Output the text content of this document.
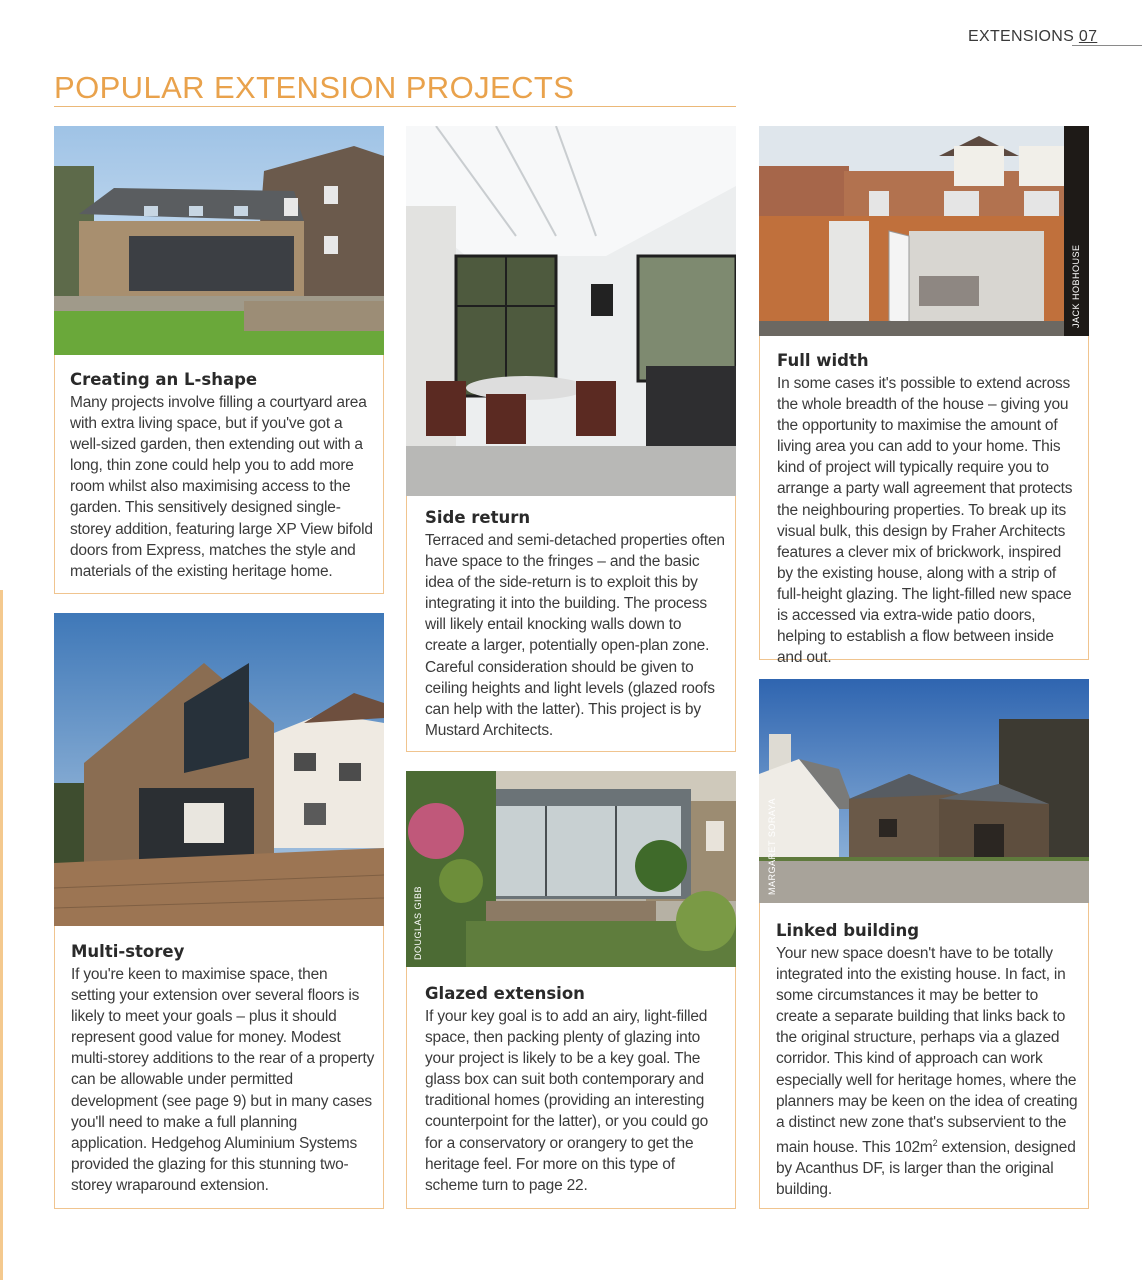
EXTENSIONS 07
POPULAR EXTENSION PROJECTS
Creating an L-shape

Many projects involve filling a courtyard area with extra living space, but if you've got a well-sized garden, then extending out with a long, thin zone could help you to add more room whilst also maximising access to the garden. This sensitively designed single-storey addition, featuring large XP View bifold doors from Express, matches the style and materials of the existing heritage home.

Side return

Terraced and semi-detached properties often have space to the fringes – and the basic idea of the side-return is to exploit this by integrating it into the building. The process will likely entail knocking walls down to create a larger, potentially open-plan zone. Careful consideration should be given to ceiling heights and light levels (glazed roofs can help with the latter). This project is by Mustard Architects.

JACK HOBHOUSE
Full width

In some cases it's possible to extend across the whole breadth of the house – giving you the opportunity to maximise the amount of living area you can add to your home. This kind of project will typically require you to arrange a party wall agreement that protects the neighbouring properties. To break up its visual bulk, this design by Fraher Architects features a clever mix of brickwork, inspired by the existing house, along with a strip of full-height glazing. The light-filled new space is accessed via extra-wide patio doors, helping to establish a flow between inside and out.

Multi-storey

If you're keen to maximise space, then setting your extension over several floors is likely to meet your goals – plus it should represent good value for money. Modest multi-storey additions to the rear of a property can be allowable under permitted development (see page 9) but in many cases you'll need to make a full planning application. Hedgehog Aluminium Systems provided the glazing for this stunning two-storey wraparound extension.

DOUGLAS GIBB
Glazed extension

If your key goal is to add an airy, light-filled space, then packing plenty of glazing into your project is likely to be a key goal. The glass box can suit both contemporary and traditional homes (providing an interesting counterpoint for the latter), or you could go for a conservatory or orangery to get the heritage feel. For more on this type of scheme turn to page 22.

MARGARET SORAYA
Linked building

Your new space doesn't have to be totally integrated into the existing house. In fact, in some circumstances it may be better to create a separate building that links back to the original structure, perhaps via a glazed corridor. This kind of approach can work especially well for heritage homes, where the planners may be keen on the idea of creating a distinct new zone that's subservient to the main house. This $102m^2$ extension, designed by Acanthus DF, is larger than the original building.
